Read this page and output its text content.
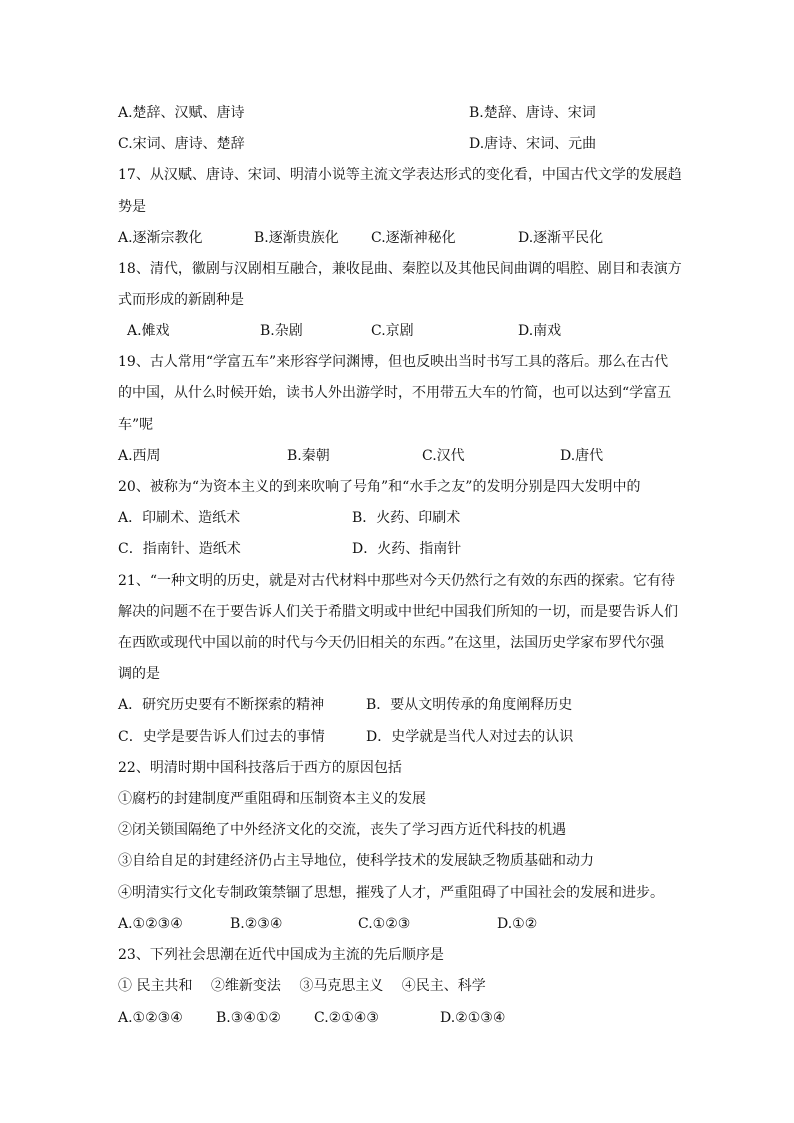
A.楚辞、汉赋、唐诗	B.楚辞、唐诗、宋词
C.宋词、唐诗、楚辞	D.唐诗、宋词、元曲
17、从汉赋、唐诗、宋词、明清小说等主流文学表达形式的变化看，中国古代文学的发展趋
势是
A.逐渐宗教化	B.逐渐贵族化 C.逐渐神秘化	D.逐渐平民化
18、清代，徽剧与汉剧相互融合，兼收昆曲、秦腔以及其他民间曲调的唱腔、剧目和表演方
式而形成的新剧种是
A.傩戏	B.杂剧	C.京剧	D.南戏
19、古人常用“学富五车”来形容学问渊博，但也反映出当时书写工具的落后。那么在古代
的中国，从什么时候开始，读书人外出游学时，不用带五大车的竹简，也可以达到“学富五
车”呢
A.西周	B.秦朝	C.汉代	D.唐代
20、被称为“为资本主义的到来吹响了号角”和“水手之友”的发明分别是四大发明中的
A．印刷术、造纸术	B．火药、印刷术
C．指南针、造纸术	D．火药、指南针
21、“一种文明的历史，就是对古代材料中那些对今天仍然行之有效的东西的探索。它有待
解决的问题不在于要告诉人们关于希腊文明或中世纪中国我们所知的一切，而是要告诉人们
在西欧或现代中国以前的时代与今天仍旧相关的东西。”在这里，法国历史学家布罗代尔强
调的是
A．研究历史要有不断探索的精神	B．要从文明传承的角度阐释历史
C．史学是要告诉人们过去的事情	D．史学就是当代人对过去的认识
22、明清时期中国科技落后于西方的原因包括
①腐朽的封建制度严重阻碍和压制资本主义的发展
②闭关锁国隔绝了中外经济文化的交流，丧失了学习西方近代科技的机遇
③自给自足的封建经济仍占主导地位，使科学技术的发展缺乏物质基础和动力
④明清实行文化专制政策禁锢了思想，摧残了人才，严重阻碍了中国社会的发展和进步。
A.①②③④	B.②③④	C.①②③	D.①②
23、下列社会思潮在近代中国成为主流的先后顺序是
① 民主共和　 ②维新变法　 ③马克思主义　 ④民主、科学
A.①②③④ B.③④①② C.②①④③	D.②①③④
